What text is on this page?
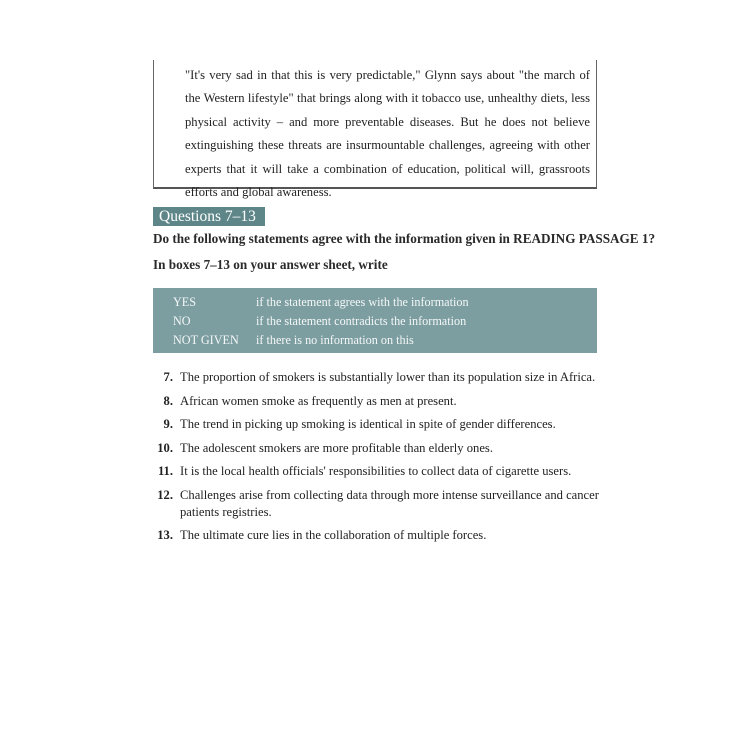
"It's very sad in that this is very predictable," Glynn says about "the march of the Western lifestyle" that brings along with it tobacco use, unhealthy diets, less physical activity – and more preventable diseases. But he does not believe extinguishing these threats are insurmountable challenges, agreeing with other experts that it will take a combination of education, political will, grassroots efforts and global awareness.
Questions 7–13
Do the following statements agree with the information given in READING PASSAGE 1?
In boxes 7–13 on your answer sheet, write
YES	if the statement agrees with the information
NO	if the statement contradicts the information
NOT GIVEN	if there is no information on this
7. The proportion of smokers is substantially lower than its population size in Africa.
8. African women smoke as frequently as men at present.
9. The trend in picking up smoking is identical in spite of gender differences.
10. The adolescent smokers are more profitable than elderly ones.
11. It is the local health officials' responsibilities to collect data of cigarette users.
12. Challenges arise from collecting data through more intense surveillance and cancer patients registries.
13. The ultimate cure lies in the collaboration of multiple forces.
